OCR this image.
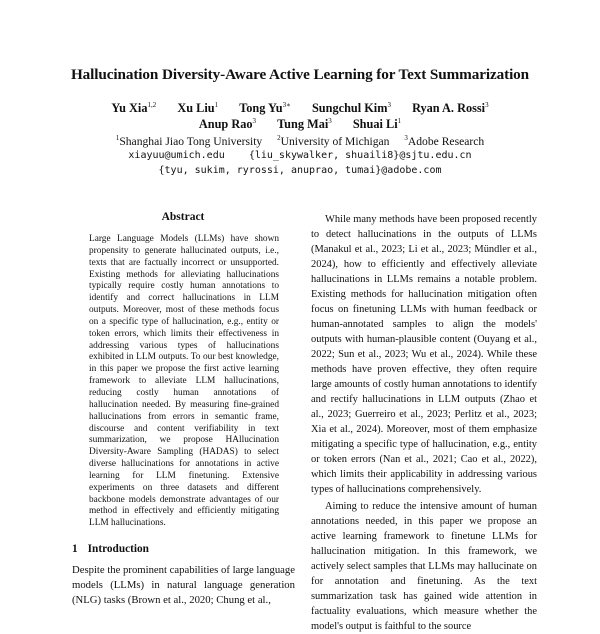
Hallucination Diversity-Aware Active Learning for Text Summarization
Yu Xia$^{1,2}$ Xu Liu$^1$ Tong $Yu^{3∗}$ Sungchul Kim$^3$ Ryan A. Rossi$^3$
Anup Rao$^3$ Tung Mai$^3$ Shuai Li$^1$
$^1$Shanghai Jiao Tong University $^2$University of Michigan $^3$Adobe Research
xiayuu@umich.edu    {liu_skywalker, shuaili8}@sjtu.edu.cn
{tyu, sukim, ryrossi, anuprao, tumai}@adobe.com
Abstract

Large Language Models (LLMs) have shown propensity to generate hallucinated outputs, i.e., texts that are factually incorrect or unsupported. Existing methods for alleviating hallucinations typically require costly human annotations to identify and correct hallucinations in LLM outputs. Moreover, most of these methods focus on a specific type of hallucination, e.g., entity or token errors, which limits their effectiveness in addressing various types of hallucinations exhibited in LLM outputs. To our best knowledge, in this paper we propose the first active learning framework to alleviate LLM hallucinations, reducing costly human annotations of hallucination needed. By measuring fine-grained hallucinations from errors in semantic frame, discourse and content verifiability in text summarization, we propose HAllucination Diversity-Aware Sampling (HADAS) to select diverse hallucinations for annotations in active learning for LLM finetuning. Extensive experiments on three datasets and different backbone models demonstrate advantages of our method in effectively and efficiently mitigating LLM hallucinations.

1 Introduction

Despite the prominent capabilities of large language models (LLMs) in natural language generation (NLG) tasks (Brown et al., 2020; Chung et al.,

While many methods have been proposed recently to detect hallucinations in the outputs of LLMs (Manakul et al., 2023; Li et al., 2023; Mündler et al., 2024), how to efficiently and effectively alleviate hallucinations in LLMs remains a notable problem. Existing methods for hallucination mitigation often focus on finetuning LLMs with human feedback or human-annotated samples to align the models' outputs with human-plausible content (Ouyang et al., 2022; Sun et al., 2023; Wu et al., 2024). While these methods have proven effective, they often require large amounts of costly human annotations to identify and rectify hallucinations in LLM outputs (Zhao et al., 2023; Guerreiro et al., 2023; Perlitz et al., 2023; Xia et al., 2024). Moreover, most of them emphasize mitigating a specific type of hallucination, e.g., entity or token errors (Nan et al., 2021; Cao et al., 2022), which limits their applicability in addressing various types of hallucinations comprehensively.

Aiming to reduce the intensive amount of human annotations needed, in this paper we propose an active learning framework to finetune LLMs for hallucination mitigation. In this framework, we actively select samples that LLMs may hallucinate on for annotation and finetuning. As the text summarization task has gained wide attention in factuality evaluations, which measure whether the model's output is faithful to the source
